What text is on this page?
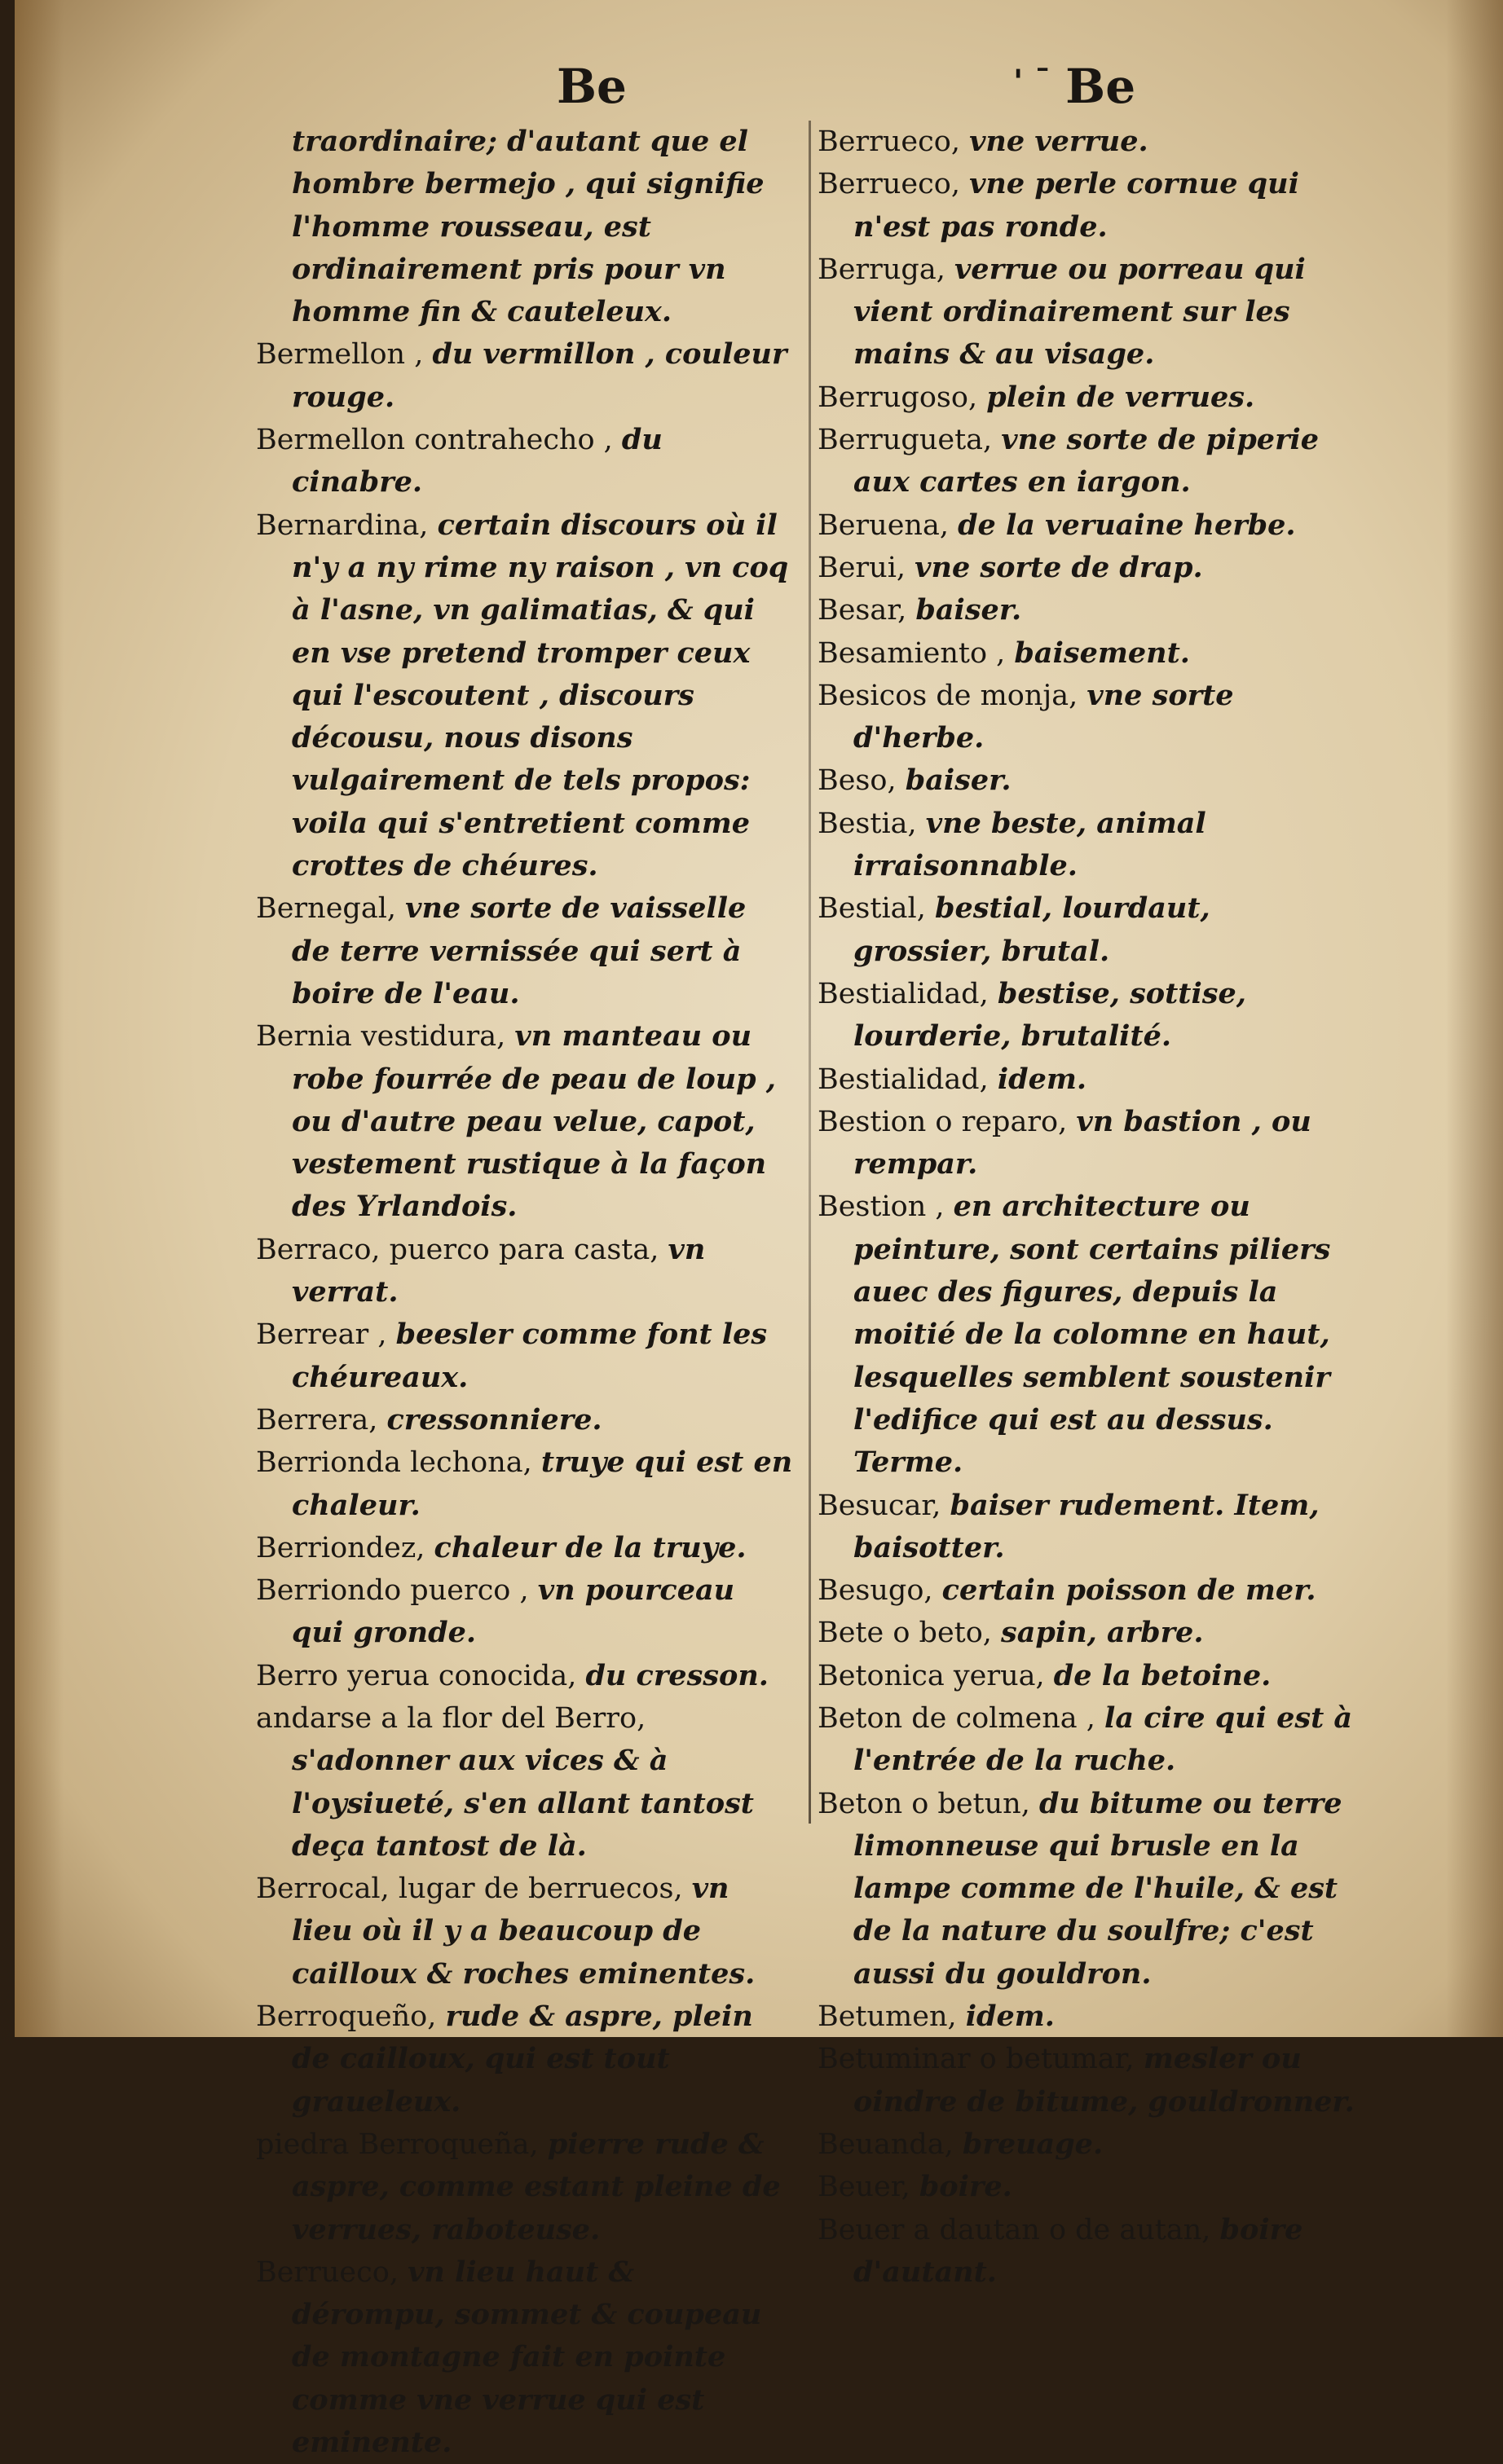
Be	' ¯ Be

traordinaire; d'autant que el hombre bermejo , qui signifie l'homme rousseau, est ordinairement pris pour vn homme fin & cauteleux.

Bermellon , du vermillon , couleur rouge.

Bermellon contrahecho , du cinabre.

Bernardina, certain discours où il n'y a ny rime ny raison , vn coq à l'asne, vn galimatias, & qui en vse pretend tromper ceux qui l'escoutent , discours décousu, nous disons vulgairement de tels propos: voila qui s'entretient comme crottes de chéures.

Bernegal, vne sorte de vaisselle de terre vernissée qui sert à boire de l'eau.

Bernia vestidura, vn manteau ou robe fourrée de peau de loup , ou d'autre peau velue, capot, vestement rustique à la façon des Yrlandois.

Berraco, puerco para casta, vn verrat.

Berrear , beesler comme font les chéureaux.

Berrera, cressonniere.

Berrionda lechona, truye qui est en chaleur.

Berriondez, chaleur de la truye.

Berriondo puerco , vn pourceau qui gronde.

Berro yerua conocida, du cresson.

andarse a la flor del Berro, s'adonner aux vices & à l'oysiueté, s'en allant tantost deça tantost de là.

Berrocal, lugar de berruecos, vn lieu où il y a beaucoup de cailloux & roches eminentes.

Berroqueño, rude & aspre, plein de cailloux, qui est tout graueleux.

piedra Berroqueña, pierre rude & aspre, comme estant pleine de verrues, raboteuse.

Berrueco, vn lieu haut & dérompu, sommet & coupeau de montagne fait en pointe comme vne verrue qui est eminente.

Berrueco, vne verrue.

Berrueco, vne perle cornue qui n'est pas ronde.

Berruga, verrue ou porreau qui vient ordinairement sur les mains & au visage.

Berrugoso, plein de verrues.

Berrugueta, vne sorte de piperie aux cartes en iargon.

Beruena, de la veruaine herbe.

Berui, vne sorte de drap.

Besar, baiser.

Besamiento , baisement.

Besicos de monja, vne sorte d'herbe.

Beso, baiser.

Bestia, vne beste, animal irraisonnable.

Bestial, bestial, lourdaut, grossier, brutal.

Bestialidad, bestise, sottise, lourderie, brutalité.

Bestialidad, idem.

Bestion o reparo, vn bastion , ou rempar.

Bestion , en architecture ou peinture, sont certains piliers auec des figures, depuis la moitié de la colomne en haut, lesquelles semblent soustenir l'edifice qui est au dessus. Terme.

Besucar, baiser rudement. Item, baisotter.

Besugo, certain poisson de mer.

Bete o beto, sapin, arbre.

Betonica yerua, de la betoine.

Beton de colmena , la cire qui est à l'entrée de la ruche.

Beton o betun, du bitume ou terre limonneuse qui brusle en la lampe comme de l'huile, & est de la nature du soulfre; c'est aussi du gouldron.

Betumen, idem.

Betuminar o betumar, mesler ou oindre de bitume, gouldronner.

Beuanda, breuage.

Beuer, boire.

Beuer a dautan o de autan, boire d'autant.
